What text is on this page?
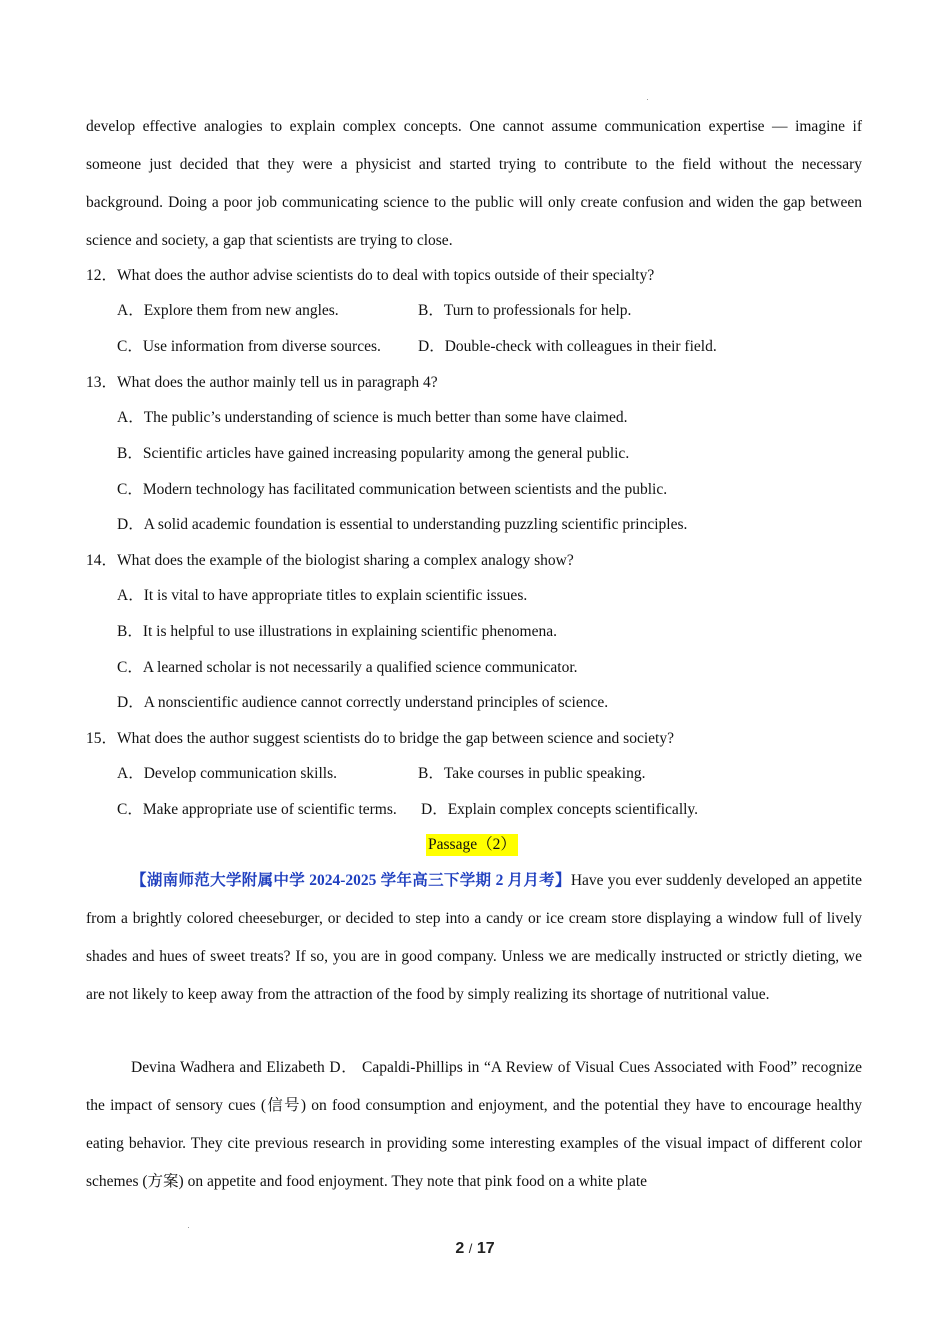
develop effective analogies to explain complex concepts. One cannot assume communication expertise — imagine if someone just decided that they were a physicist and started trying to contribute to the field without the necessary background. Doing a poor job communicating science to the public will only create confusion and widen the gap between science and society, a gap that scientists are trying to close.

12．What does the author advise scientists do to deal with topics outside of their specialty?
A．Explore them from new angles.	B．Turn to professionals for help.
C．Use information from diverse sources. D．Double-check with colleagues in their field.
13．What does the author mainly tell us in paragraph 4?
A．The public’s understanding of science is much better than some have claimed.
B．Scientific articles have gained increasing popularity among the general public.
C．Modern technology has facilitated communication between scientists and the public.
D．A solid academic foundation is essential to understanding puzzling scientific principles.
14．What does the example of the biologist sharing a complex analogy show?
A．It is vital to have appropriate titles to explain scientific issues.
B．It is helpful to use illustrations in explaining scientific phenomena.
C．A learned scholar is not necessarily a qualified science communicator.
D．A nonscientific audience cannot correctly understand principles of science.
15．What does the author suggest scientists do to bridge the gap between science and society?
A．Develop communication skills.	B．Take courses in public speaking.
C．Make appropriate use of scientific terms. D．Explain complex concepts scientifically.
Passage（2）

【湖南师范大学附属中学 2024-2025 学年高三下学期 2 月月考】Have you ever suddenly developed an appetite from a brightly colored cheeseburger, or decided to step into a candy or ice cream store displaying a window full of lively shades and hues of sweet treats? If so, you are in good company. Unless we are medically instructed or strictly dieting, we are not likely to keep away from the attraction of the food by simply realizing its shortage of nutritional value.

Devina Wadhera and Elizabeth D． Capaldi-Phillips in “A Review of Visual Cues Associated with Food” recognize the impact of sensory cues (信号) on food consumption and enjoyment, and the potential they have to encourage healthy eating behavior. They cite previous research in providing some interesting examples of the visual impact of different color schemes (方案) on appetite and food enjoyment. They note that pink food on a white plate

2 / 17
